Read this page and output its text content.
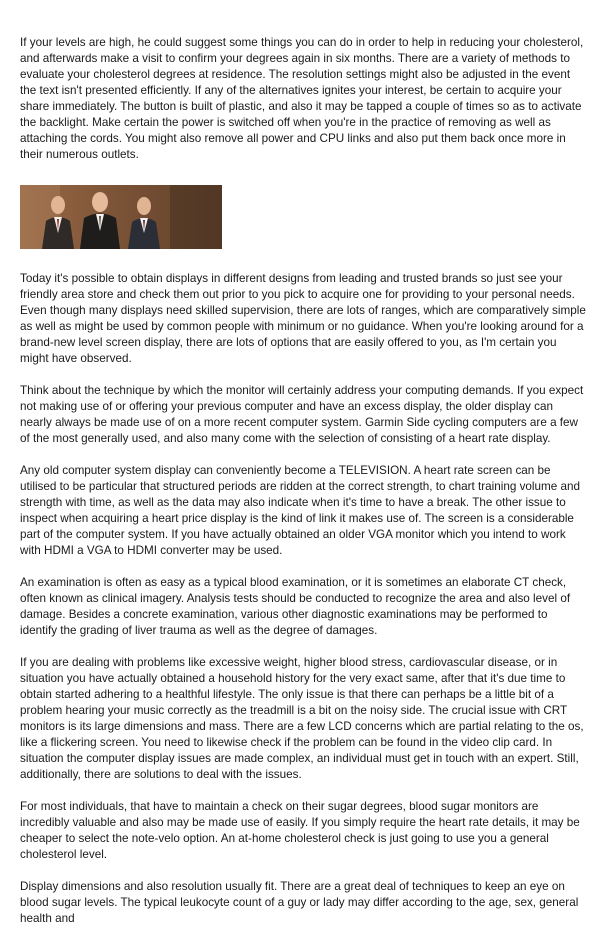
If your levels are high, he could suggest some things you can do in order to help in reducing your cholesterol, and afterwards make a visit to confirm your degrees again in six months. There are a variety of methods to evaluate your cholesterol degrees at residence. The resolution settings might also be adjusted in the event the text isn't presented efficiently. If any of the alternatives ignites your interest, be certain to acquire your share immediately. The button is built of plastic, and also it may be tapped a couple of times so as to activate the backlight. Make certain the power is switched off when you're in the practice of removing as well as attaching the cords. You might also remove all power and CPU links and also put them back once more in their numerous outlets.

Today it's possible to obtain displays in different designs from leading and trusted brands so just see your friendly area store and check them out prior to you pick to acquire one for providing to your personal needs. Even though many displays need skilled supervision, there are lots of ranges, which are comparatively simple as well as might be used by common people with minimum or no guidance. When you're looking around for a brand-new level screen display, there are lots of options that are easily offered to you, as I'm certain you might have observed.

Think about the technique by which the monitor will certainly address your computing demands. If you expect not making use of or offering your previous computer and have an excess display, the older display can nearly always be made use of on a more recent computer system. Garmin Side cycling computers are a few of the most generally used, and also many come with the selection of consisting of a heart rate display.

Any old computer system display can conveniently become a TELEVISION. A heart rate screen can be utilised to be particular that structured periods are ridden at the correct strength, to chart training volume and strength with time, as well as the data may also indicate when it's time to have a break. The other issue to inspect when acquiring a heart price display is the kind of link it makes use of. The screen is a considerable part of the computer system. If you have actually obtained an older VGA monitor which you intend to work with HDMI a VGA to HDMI converter may be used.

An examination is often as easy as a typical blood examination, or it is sometimes an elaborate CT check, often known as clinical imagery. Analysis tests should be conducted to recognize the area and also level of damage. Besides a concrete examination, various other diagnostic examinations may be performed to identify the grading of liver trauma as well as the degree of damages.

If you are dealing with problems like excessive weight, higher blood stress, cardiovascular disease, or in situation you have actually obtained a household history for the very exact same, after that it's due time to obtain started adhering to a healthful lifestyle. The only issue is that there can perhaps be a little bit of a problem hearing your music correctly as the treadmill is a bit on the noisy side. The crucial issue with CRT monitors is its large dimensions and mass. There are a few LCD concerns which are partial relating to the os, like a flickering screen. You need to likewise check if the problem can be found in the video clip card. In situation the computer display issues are made complex, an individual must get in touch with an expert. Still, additionally, there are solutions to deal with the issues.

For most individuals, that have to maintain a check on their sugar degrees, blood sugar monitors are incredibly valuable and also may be made use of easily. If you simply require the heart rate details, it may be cheaper to select the note-velo option. An at-home cholesterol check is just going to use you a general cholesterol level.

Display dimensions and also resolution usually fit. There are a great deal of techniques to keep an eye on blood sugar levels. The typical leukocyte count of a guy or lady may differ according to the age, sex, general health and
